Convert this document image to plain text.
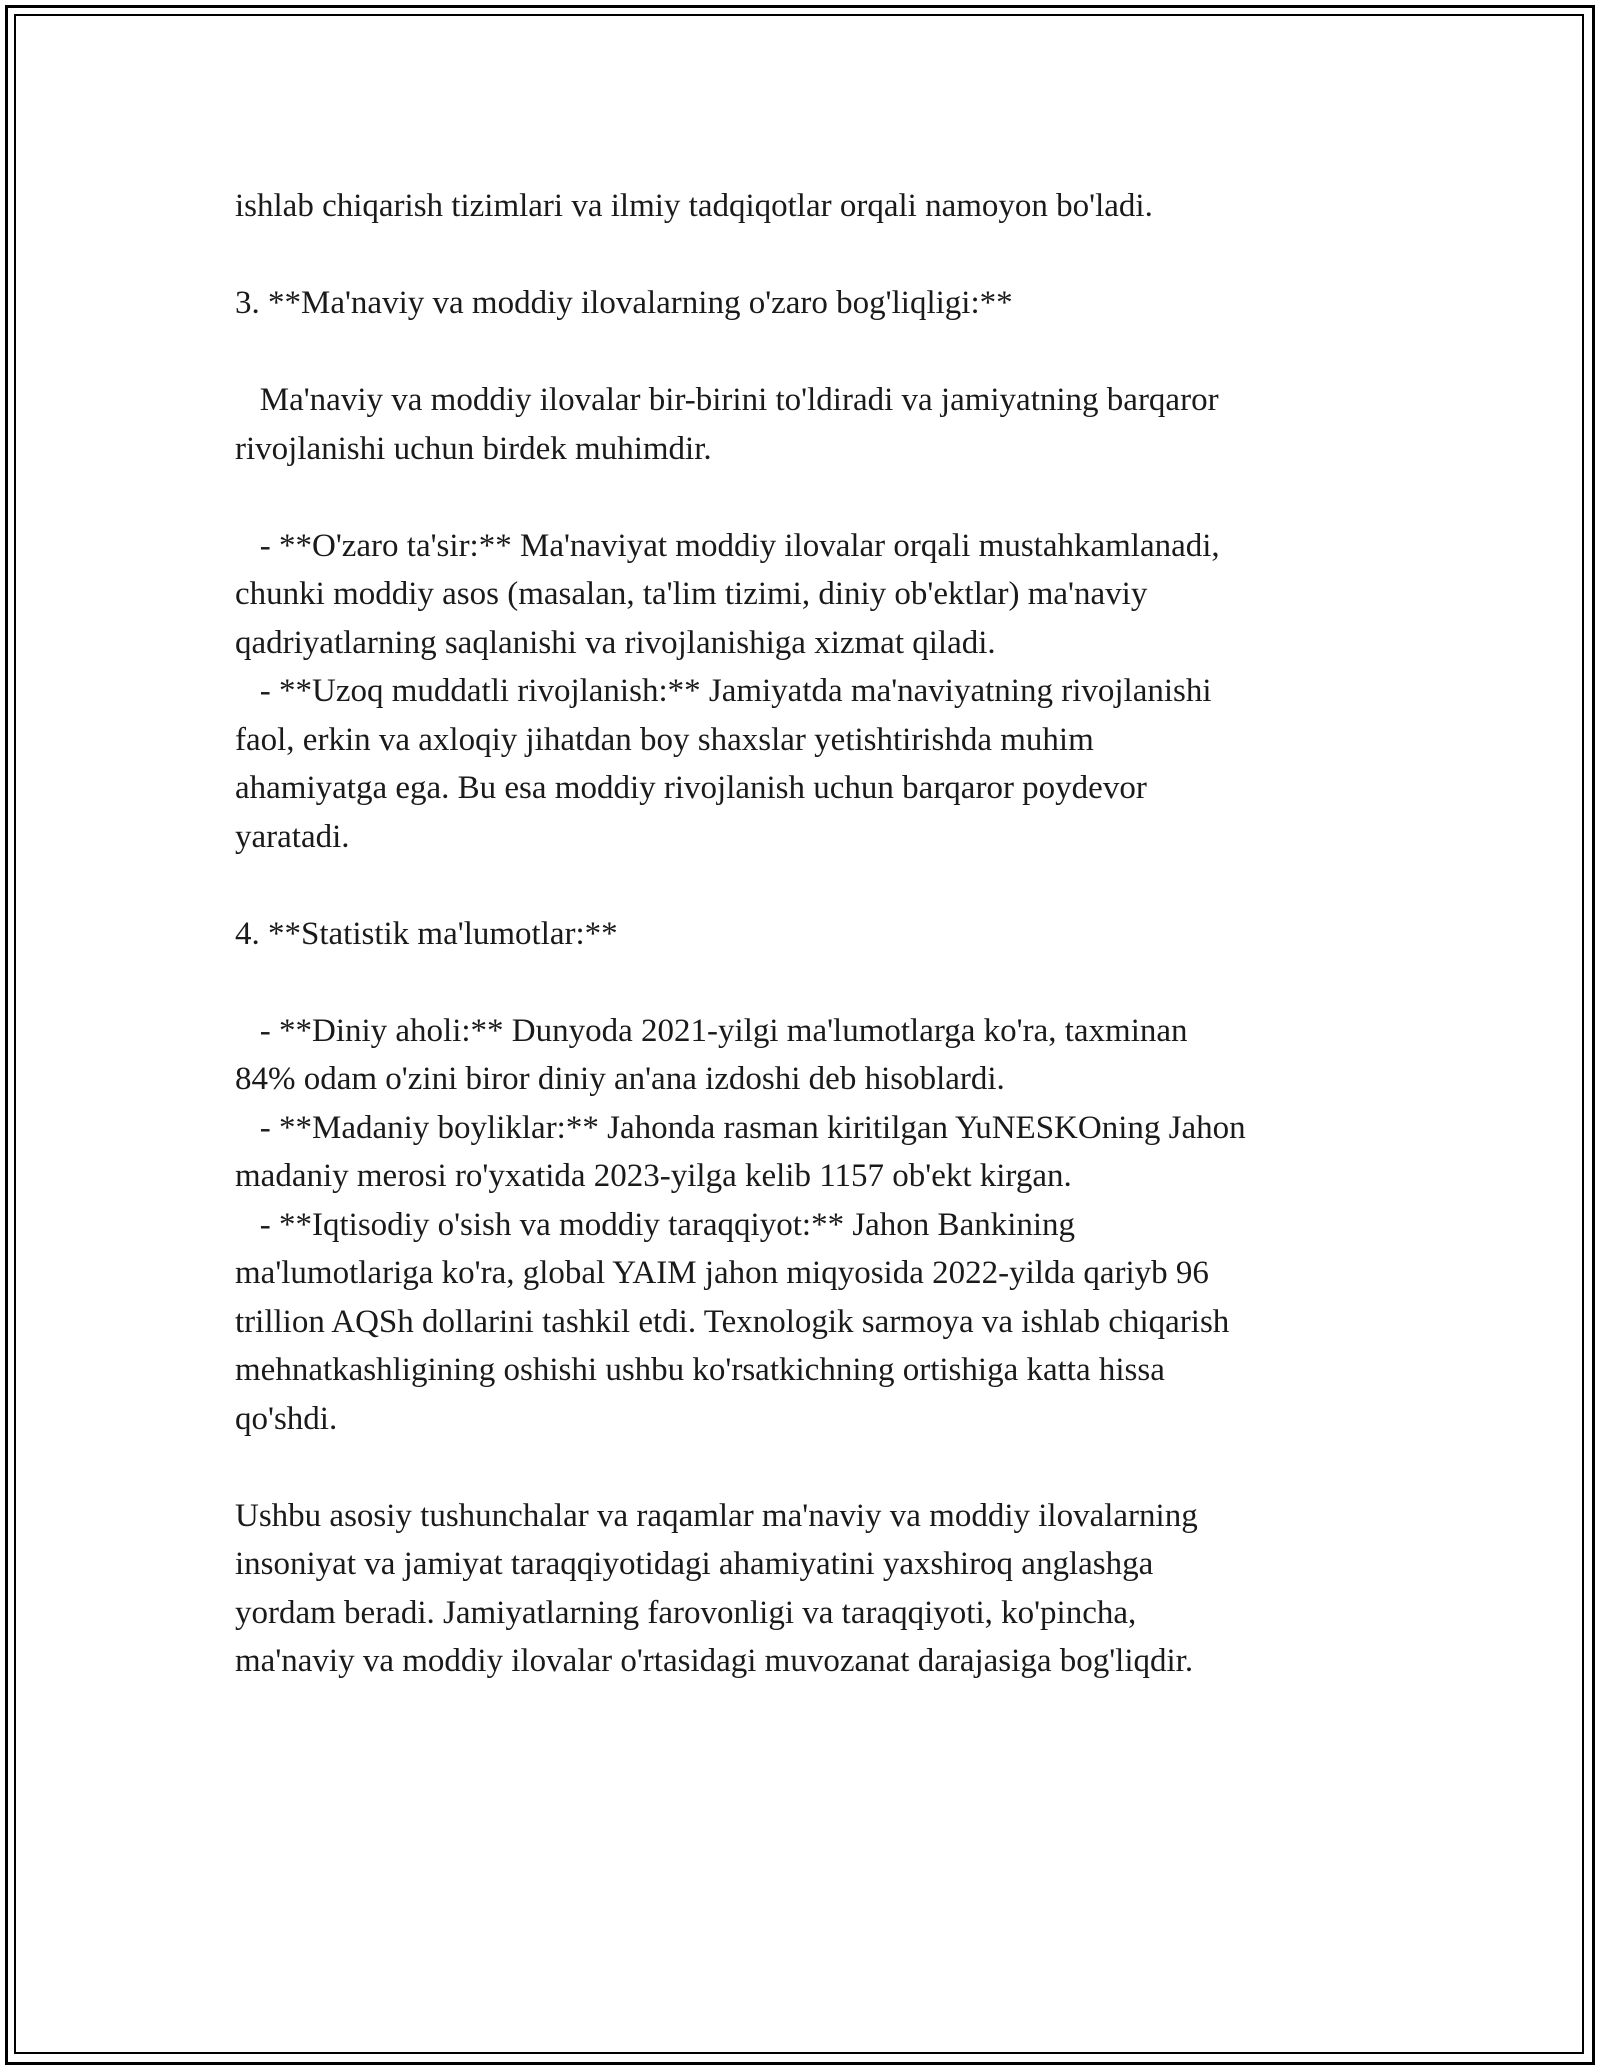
ishlab chiqarish tizimlari va ilmiy tadqiqotlar orqali namoyon bo'ladi.
3. **Ma'naviy va moddiy ilovalarning o'zaro bog'liqligi:**
Ma'naviy va moddiy ilovalar bir-birini to'ldiradi va jamiyatning barqaror
rivojlanishi uchun birdek muhimdir.
- **O'zaro ta'sir:** Ma'naviyat moddiy ilovalar orqali mustahkamlanadi,
chunki moddiy asos (masalan, ta'lim tizimi, diniy ob'ektlar) ma'naviy
qadriyatlarning saqlanishi va rivojlanishiga xizmat qiladi.
- **Uzoq muddatli rivojlanish:** Jamiyatda ma'naviyatning rivojlanishi
faol, erkin va axloqiy jihatdan boy shaxslar yetishtirishda muhim
ahamiyatga ega. Bu esa moddiy rivojlanish uchun barqaror poydevor
yaratadi.
4. **Statistik ma'lumotlar:**
- **Diniy aholi:** Dunyoda 2021-yilgi ma'lumotlarga ko'ra, taxminan
84% odam o'zini biror diniy an'ana izdoshi deb hisoblardi.
- **Madaniy boyliklar:** Jahonda rasman kiritilgan YuNESKOning Jahon
madaniy merosi ro'yxatida 2023-yilga kelib 1157 ob'ekt kirgan.
- **Iqtisodiy o'sish va moddiy taraqqiyot:** Jahon Bankining
ma'lumotlariga ko'ra, global YAIM jahon miqyosida 2022-yilda qariyb 96
trillion AQSh dollarini tashkil etdi. Texnologik sarmoya va ishlab chiqarish
mehnatkashligining oshishi ushbu ko'rsatkichning ortishiga katta hissa
qo'shdi.
Ushbu asosiy tushunchalar va raqamlar ma'naviy va moddiy ilovalarning
insoniyat va jamiyat taraqqiyotidagi ahamiyatini yaxshiroq anglashga
yordam beradi. Jamiyatlarning farovonligi va taraqqiyoti, ko'pincha,
ma'naviy va moddiy ilovalar o'rtasidagi muvozanat darajasiga bog'liqdir.
